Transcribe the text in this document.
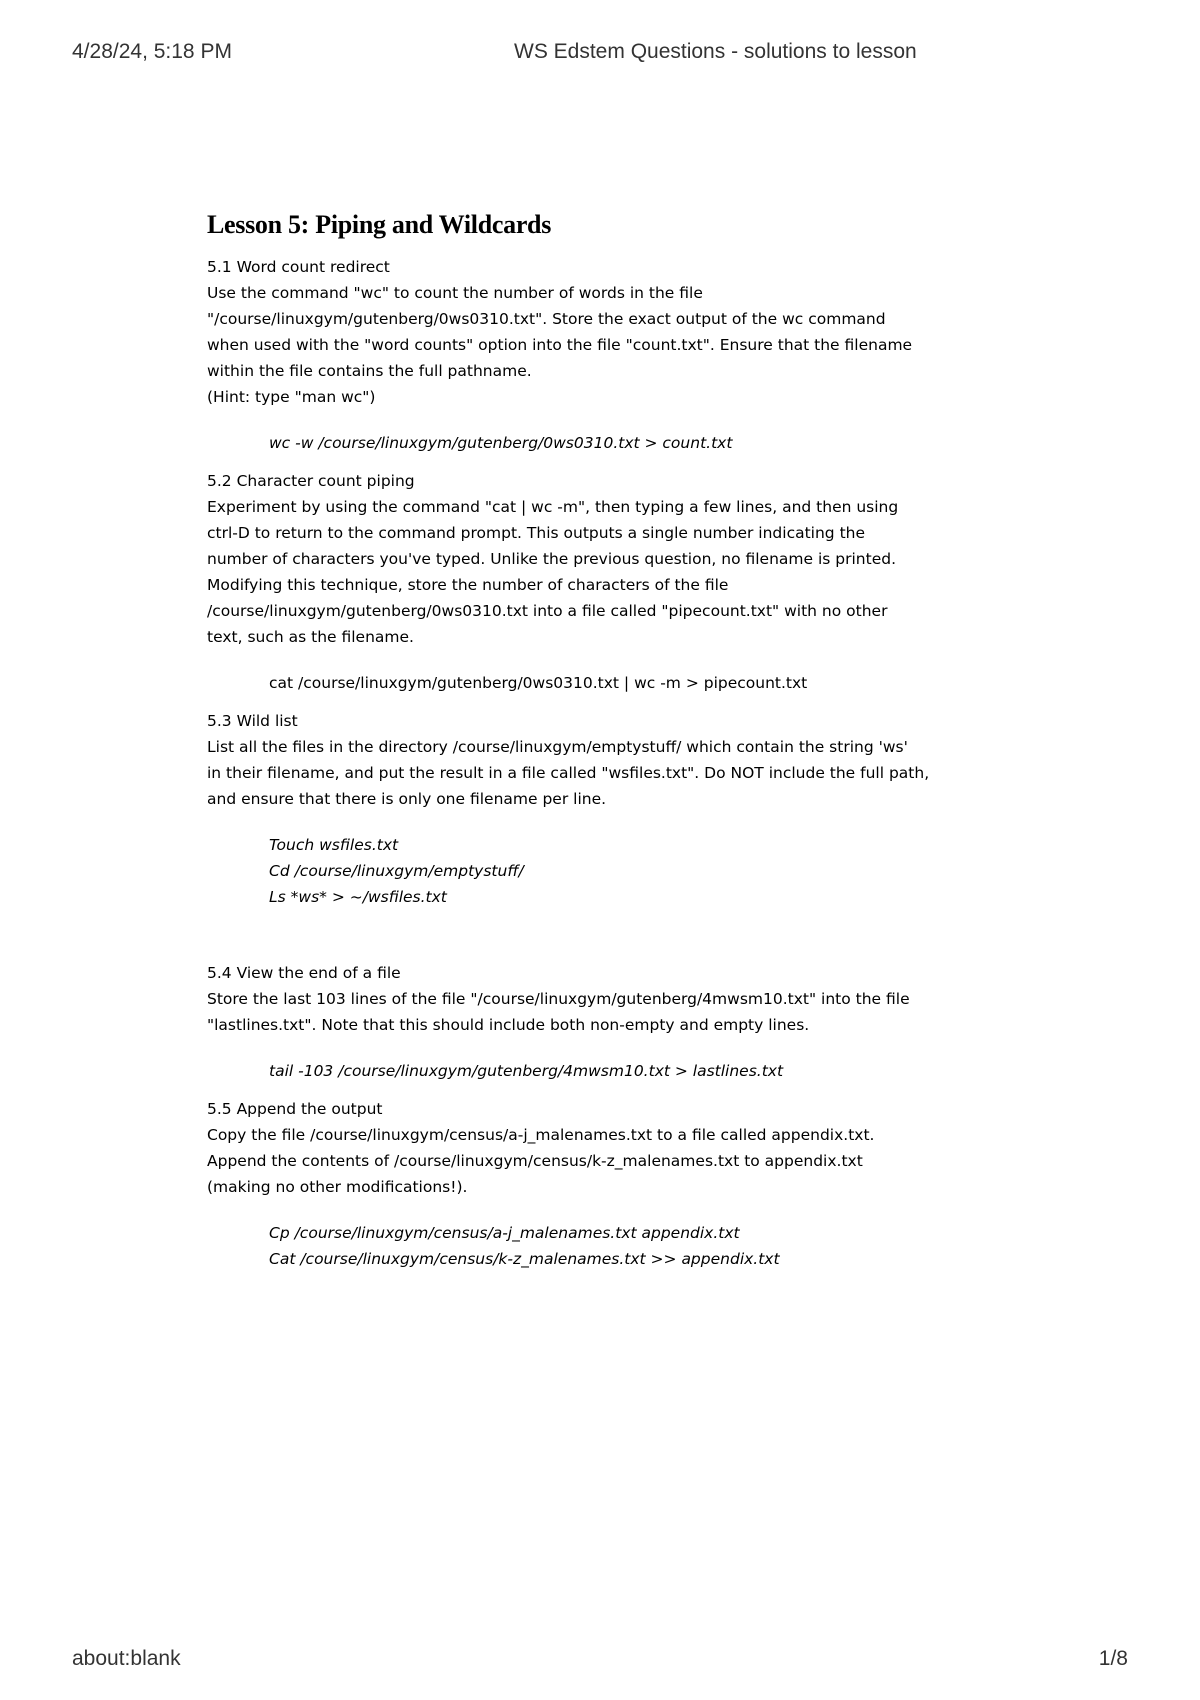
4/28/24, 5:18 PM	WS Edstem Questions - solutions to lesson
Lesson 5: Piping and Wildcards

5.1 Word count redirect

Use the command "wc" to count the number of words in the file

"/course/linuxgym/gutenberg/0ws0310.txt". Store the exact output of the wc command

when used with the "word counts" option into the file "count.txt". Ensure that the filename

within the file contains the full pathname.

(Hint: type "man wc")

wc -w /course/linuxgym/gutenberg/0ws0310.txt > count.txt

5.2 Character count piping

Experiment by using the command "cat | wc -m", then typing a few lines, and then using

ctrl-D to return to the command prompt. This outputs a single number indicating the

number of characters you've typed. Unlike the previous question, no filename is printed.

Modifying this technique, store the number of characters of the file

/course/linuxgym/gutenberg/0ws0310.txt into a file called "pipecount.txt" with no other

text, such as the filename.

cat /course/linuxgym/gutenberg/0ws0310.txt | wc -m > pipecount.txt

5.3 Wild list

List all the files in the directory /course/linuxgym/emptystuff/ which contain the string 'ws'

in their filename, and put the result in a file called "wsfiles.txt". Do NOT include the full path,

and ensure that there is only one filename per line.

Touch wsfiles.txt

Cd /course/linuxgym/emptystuff/

Ls *ws* > ~/wsfiles.txt

5.4 View the end of a file

Store the last 103 lines of the file "/course/linuxgym/gutenberg/4mwsm10.txt" into the file

"lastlines.txt". Note that this should include both non-empty and empty lines.

tail -103 /course/linuxgym/gutenberg/4mwsm10.txt > lastlines.txt

5.5 Append the output

Copy the file /course/linuxgym/census/a-j_malenames.txt to a file called appendix.txt.

Append the contents of /course/linuxgym/census/k-z_malenames.txt to appendix.txt

(making no other modifications!).

Cp /course/linuxgym/census/a-j_malenames.txt appendix.txt

Cat /course/linuxgym/census/k-z_malenames.txt >> appendix.txt

about:blank	1/8
